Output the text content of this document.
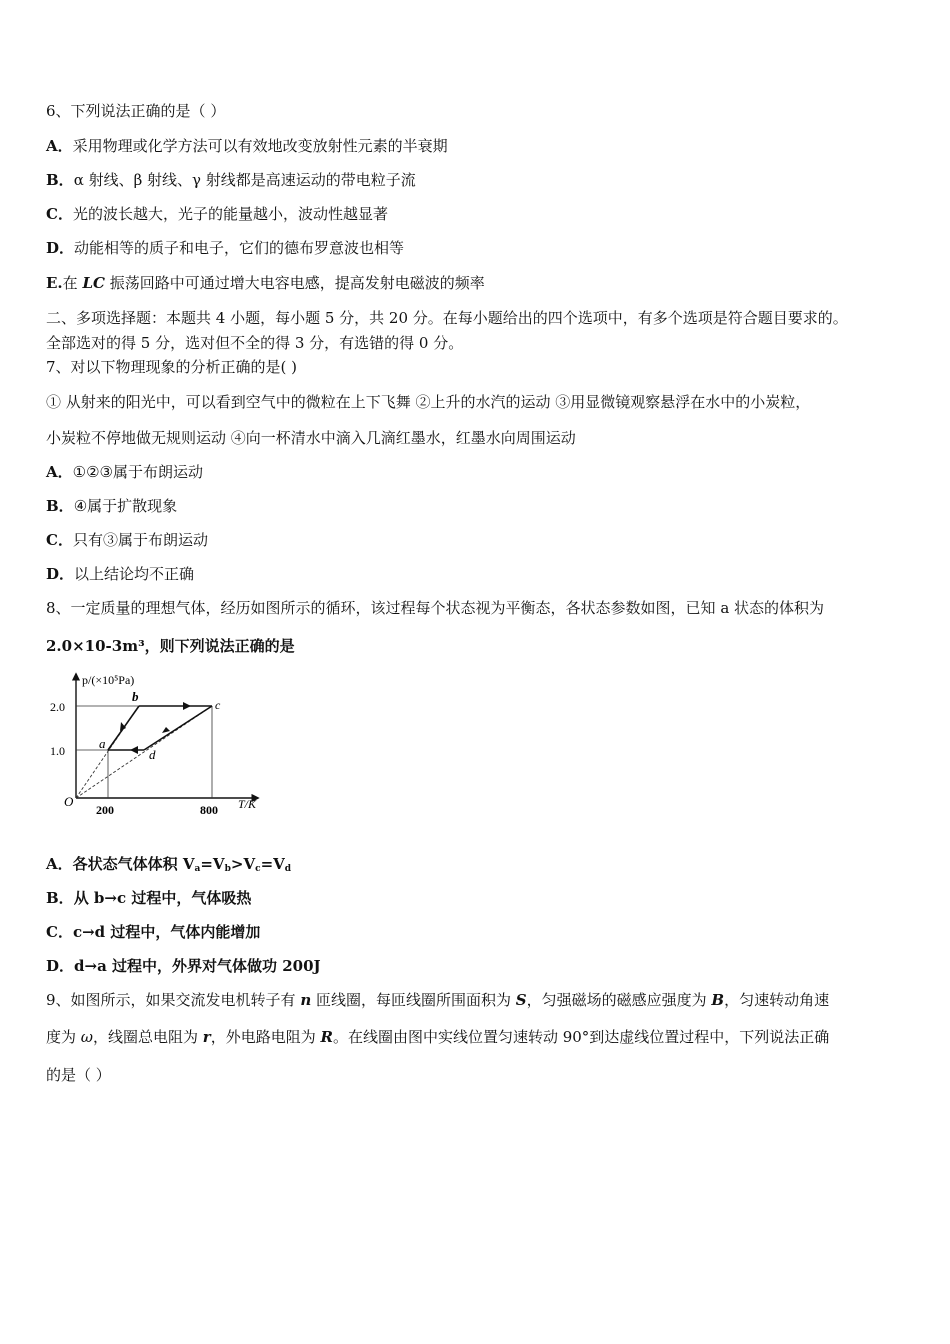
6、下列说法正确的是（ ）
A．采用物理或化学方法可以有效地改变放射性元素的半衰期
B．α 射线、β 射线、γ 射线都是高速运动的带电粒子流
C．光的波长越大，光子的能量越小，波动性越显著
D．动能相等的质子和电子，它们的德布罗意波也相等
E.在 LC 振荡回路中可通过增大电容电感，提高发射电磁波的频率
二、多项选择题：本题共 4 小题，每小题 5 分，共 20 分。在每小题给出的四个选项中，有多个选项是符合题目要求的。
全部选对的得 5 分，选对但不全的得 3 分，有选错的得 0 分。
7、对以下物理现象的分析正确的是( )
① 从射来的阳光中，可以看到空气中的微粒在上下飞舞 ②上升的水汽的运动 ③用显微镜观察悬浮在水中的小炭粒，
小炭粒不停地做无规则运动 ④向一杯清水中滴入几滴红墨水，红墨水向周围运动
A．①②③属于布朗运动
B．④属于扩散现象
C．只有③属于布朗运动
D．以上结论均不正确
8、一定质量的理想气体，经历如图所示的循环，该过程每个状态视为平衡态，各状态参数如图，已知 a 状态的体积为
2.0×10-3m³，则下列说法正确的是
p/(×10⁵Pa)
T/K
O
2.0
1.0
200	800
a
b
c
d
A．各状态气体体积 $V_a=V_b>V_c=V_d$
B．从 b→c 过程中，气体吸热
C．c→d 过程中，气体内能增加
D．d→a 过程中，外界对气体做功 200J
9、如图所示，如果交流发电机转子有 n 匝线圈，每匝线圈所围面积为 S，匀强磁场的磁感应强度为 B，匀速转动角速
度为 ω，线圈总电阻为 r，外电路电阻为 R。在线圈由图中实线位置匀速转动 90°到达虚线位置过程中，下列说法正确
的是（ ）
